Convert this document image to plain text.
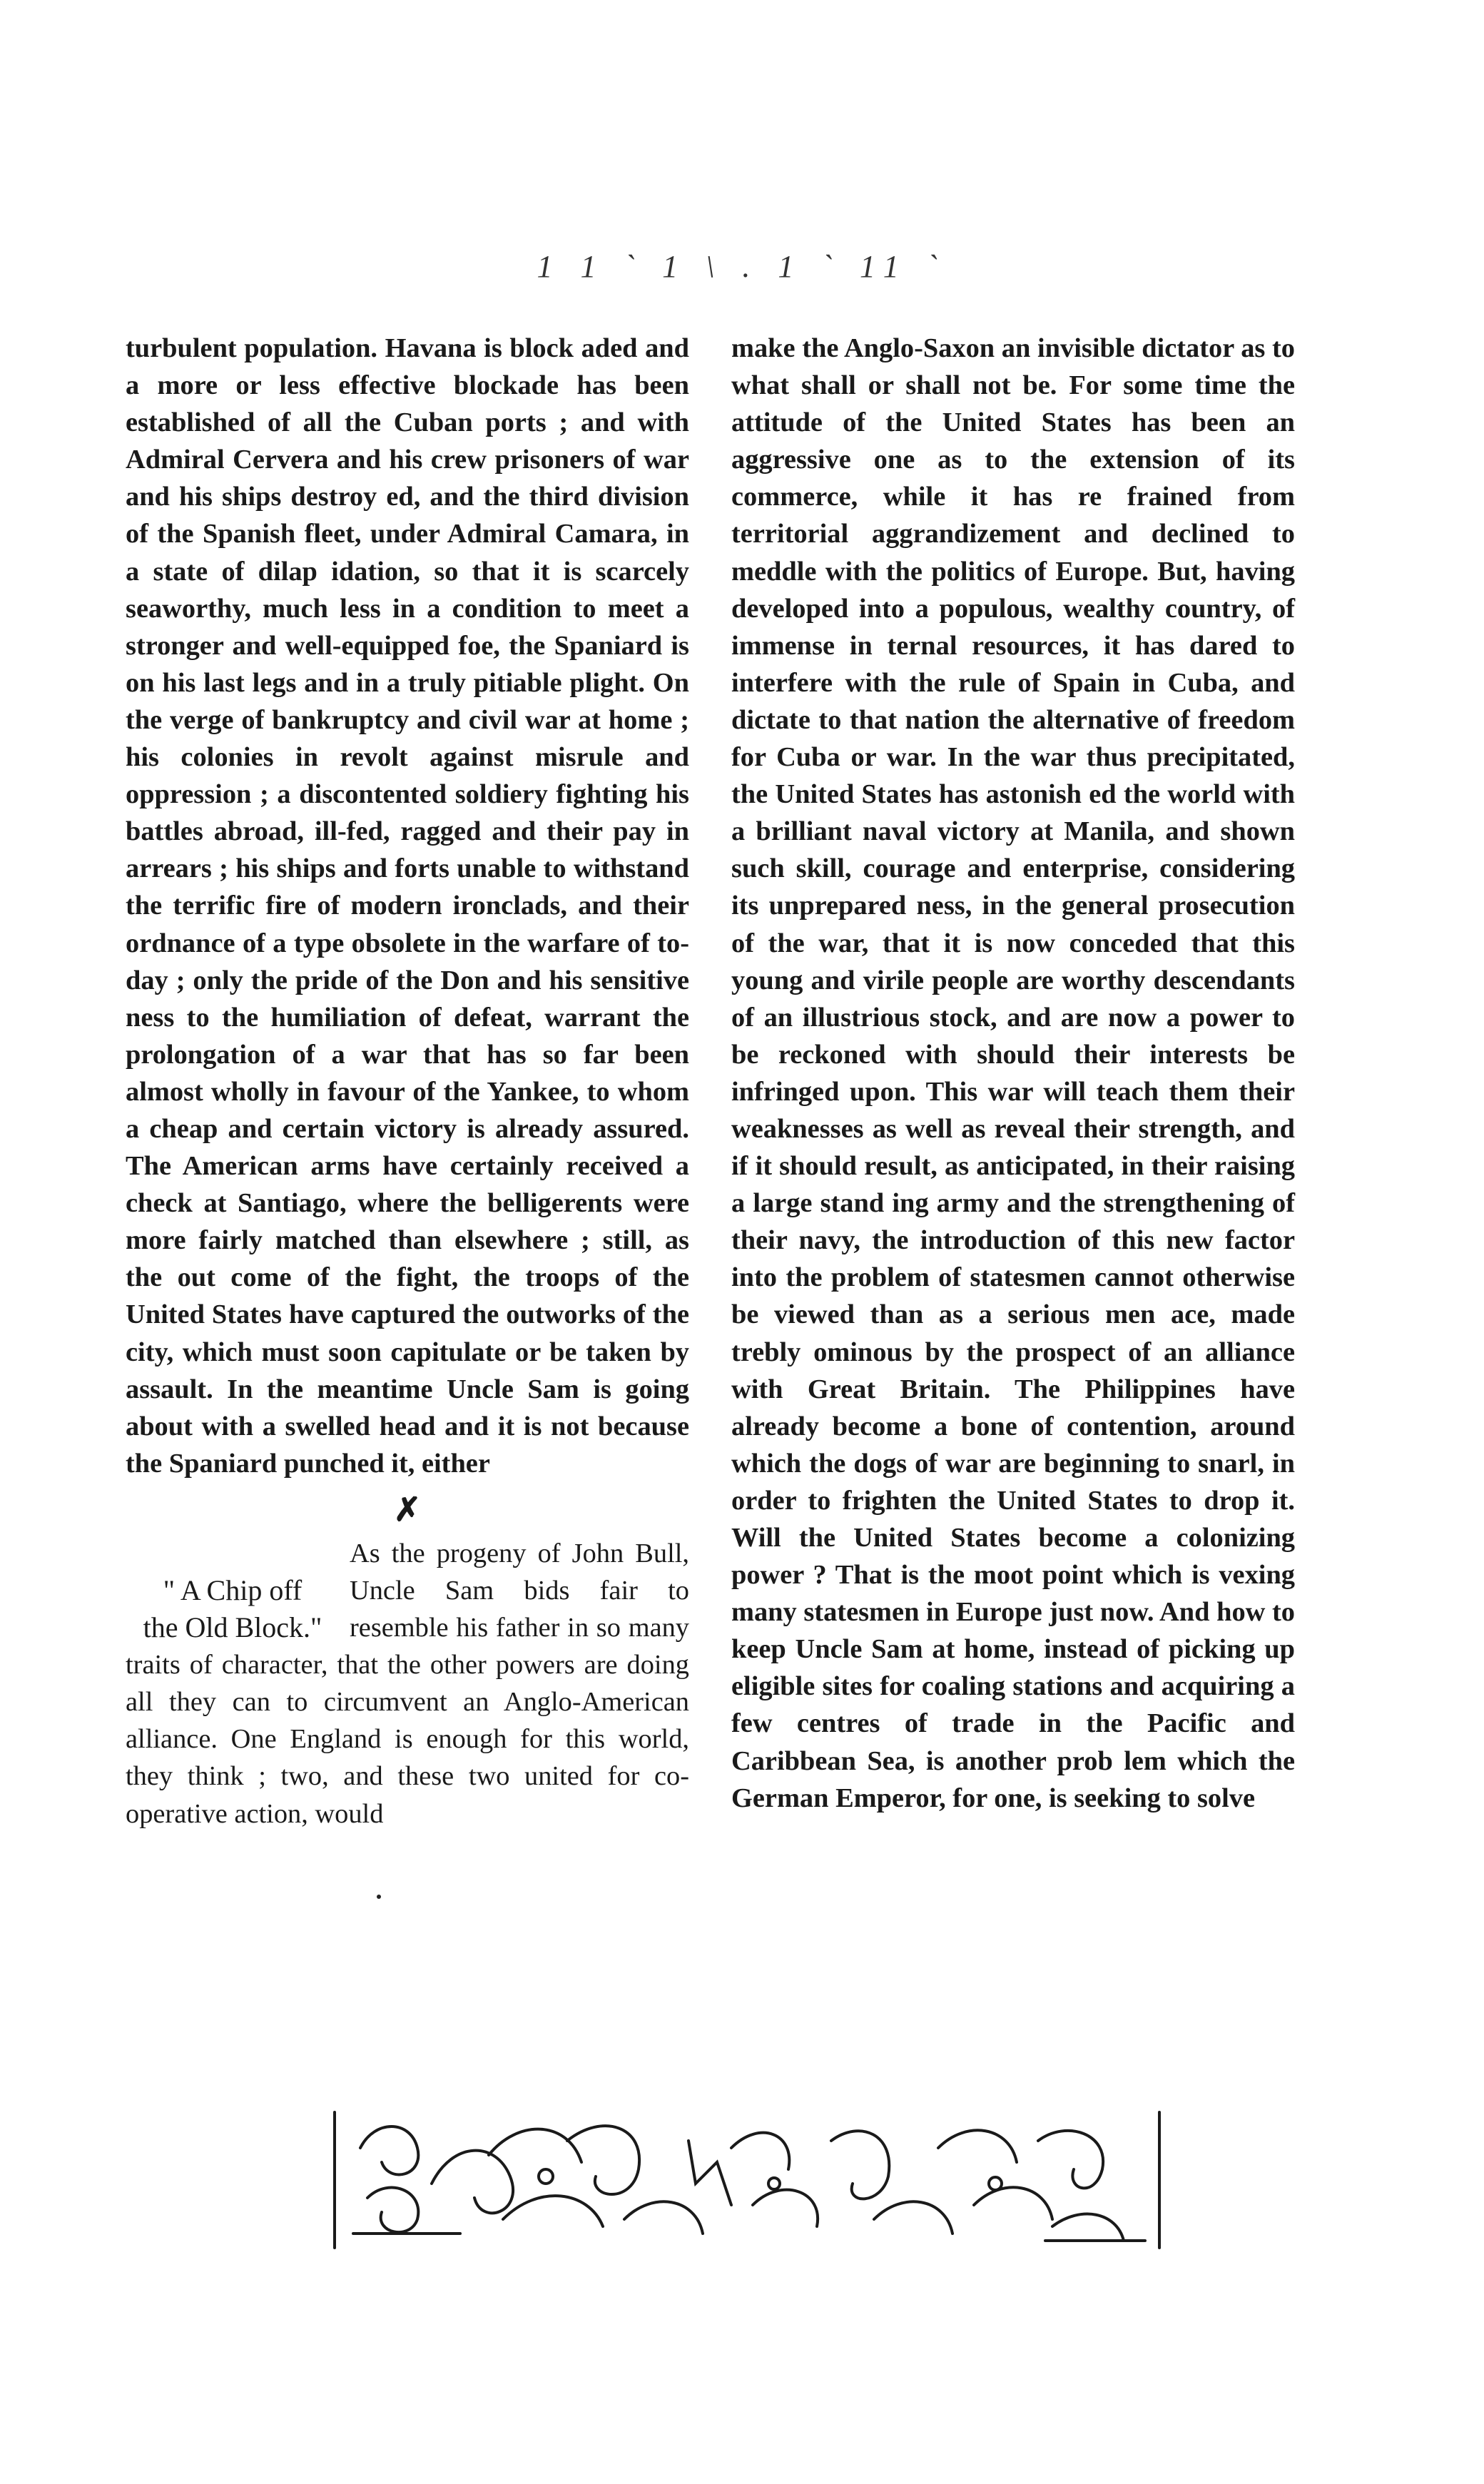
1 1 ` 1 \ . 1 ` 11 `

turbulent population. Havana is block aded and a more or less effective blockade has been established of all the Cuban ports ; and with Admiral Cervera and his crew prisoners of war and his ships destroy ed, and the third division of the Spanish fleet, under Admiral Camara, in a state of dilap idation, so that it is scarcely seaworthy, much less in a condition to meet a stronger and well-equipped foe, the Spaniard is on his last legs and in a truly pitiable plight. On the verge of bankruptcy and civil war at home ; his colonies in revolt against misrule and oppression ; a discontented soldiery fighting his battles abroad, ill-fed, ragged and their pay in arrears ; his ships and forts unable to withstand the terrific fire of modern ironclads, and their ordnance of a type obsolete in the warfare of to-day ; only the pride of the Don and his sensitive ness to the humiliation of defeat, warrant the prolongation of a war that has so far been almost wholly in favour of the Yankee, to whom a cheap and certain victory is already assured. The American arms have certainly received a check at Santiago, where the belligerents were more fairly matched than elsewhere ; still, as the out come of the fight, the troops of the United States have captured the outworks of the city, which must soon capitulate or be taken by assault. In the meantime Uncle Sam is going about with a swelled head and it is not because the Spaniard punched it, either

✗
" A Chip off
the Old Block."

As the progeny of John Bull, Uncle Sam bids fair to resemble his father in so many traits of character, that the other powers are doing all they can to circumvent an Anglo-American alliance. One England is enough for this world, they think ; two, and these two united for co-operative action, would

make the Anglo-Saxon an invisible dictator as to what shall or shall not be. For some time the attitude of the United States has been an aggressive one as to the extension of its commerce, while it has re frained from territorial aggrandizement and declined to meddle with the politics of Europe. But, having developed into a populous, wealthy country, of immense in ternal resources, it has dared to interfere with the rule of Spain in Cuba, and dictate to that nation the alternative of freedom for Cuba or war. In the war thus precipitated, the United States has astonish ed the world with a brilliant naval victory at Manila, and shown such skill, courage and enterprise, considering its unprepared ness, in the general prosecution of the war, that it is now conceded that this young and virile people are worthy descendants of an illustrious stock, and are now a power to be reckoned with should their interests be infringed upon. This war will teach them their weaknesses as well as reveal their strength, and if it should result, as anticipated, in their raising a large stand ing army and the strengthening of their navy, the introduction of this new factor into the problem of statesmen cannot otherwise be viewed than as a serious men ace, made trebly ominous by the prospect of an alliance with Great Britain. The Philippines have already become a bone of contention, around which the dogs of war are beginning to snarl, in order to frighten the United States to drop it. Will the United States become a colonizing power ? That is the moot point which is vexing many statesmen in Europe just now. And how to keep Uncle Sam at home, instead of picking up eligible sites for coaling stations and acquiring a few centres of trade in the Pacific and Caribbean Sea, is another prob lem which the German Emperor, for one, is seeking to solve
